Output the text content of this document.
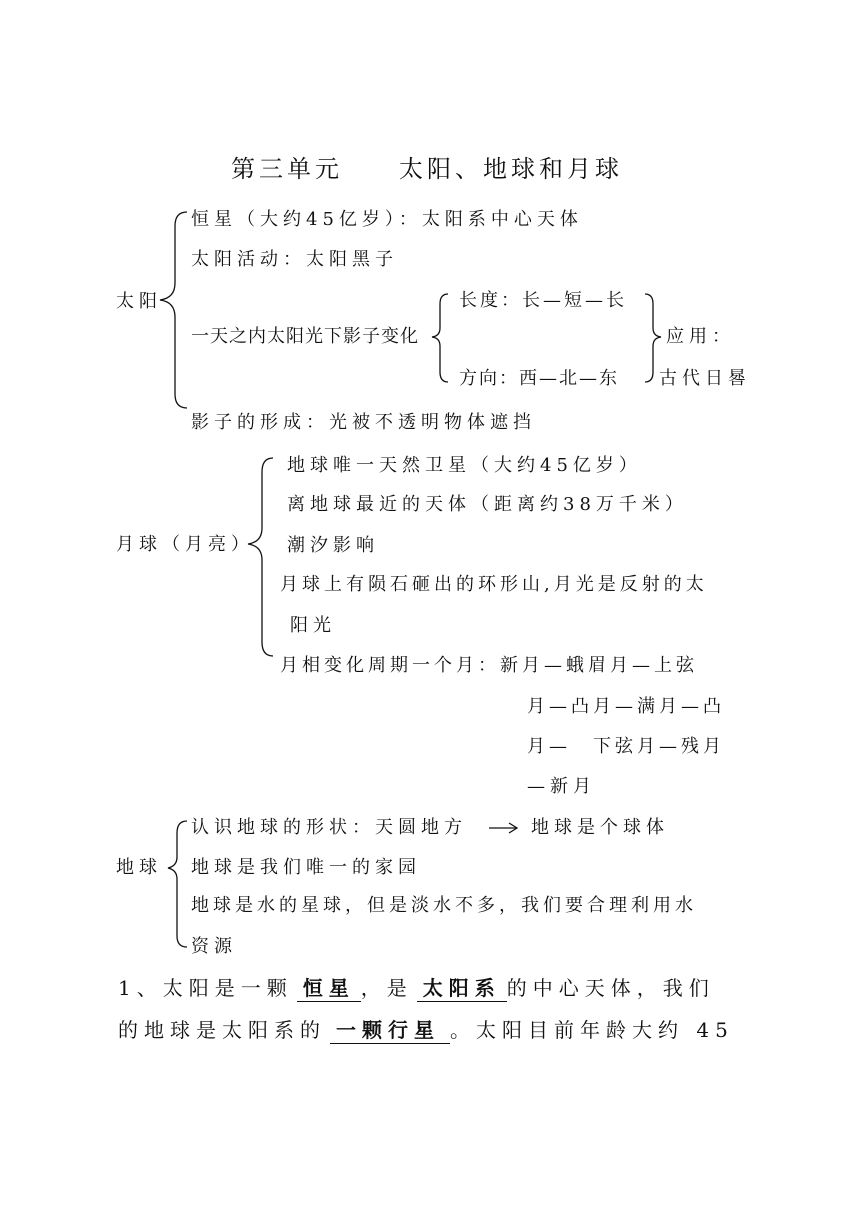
第三单元　　太阳、地球和月球
太阳
恒星（大约45亿岁）：太阳系中心天体
太阳活动：太阳黑子
一天之内太阳光下影子变化
长度：长—短—长
方向：西—北—东
应用：
古代日晷
影子的形成：光被不透明物体遮挡
月球（月亮）
地球唯一天然卫星（大约45亿岁）
离地球最近的天体（距离约38万千米）
潮汐影响
月球上有陨石砸出的环形山,月光是反射的太
阳光
月相变化周期一个月：新月—蛾眉月—上弦
月—凸月—满月—凸
月—　下弦月—残月
—新月
地球
认识地球的形状：天圆地方	地球是个球体
地球是我们唯一的家园
地球是水的星球，但是淡水不多，我们要合理利用水
资源
1、太阳是一颗 恒星 ，是 太阳系 的中心天体，我们
的地球是太阳系的 一颗行星 。太阳目前年龄大约 45
